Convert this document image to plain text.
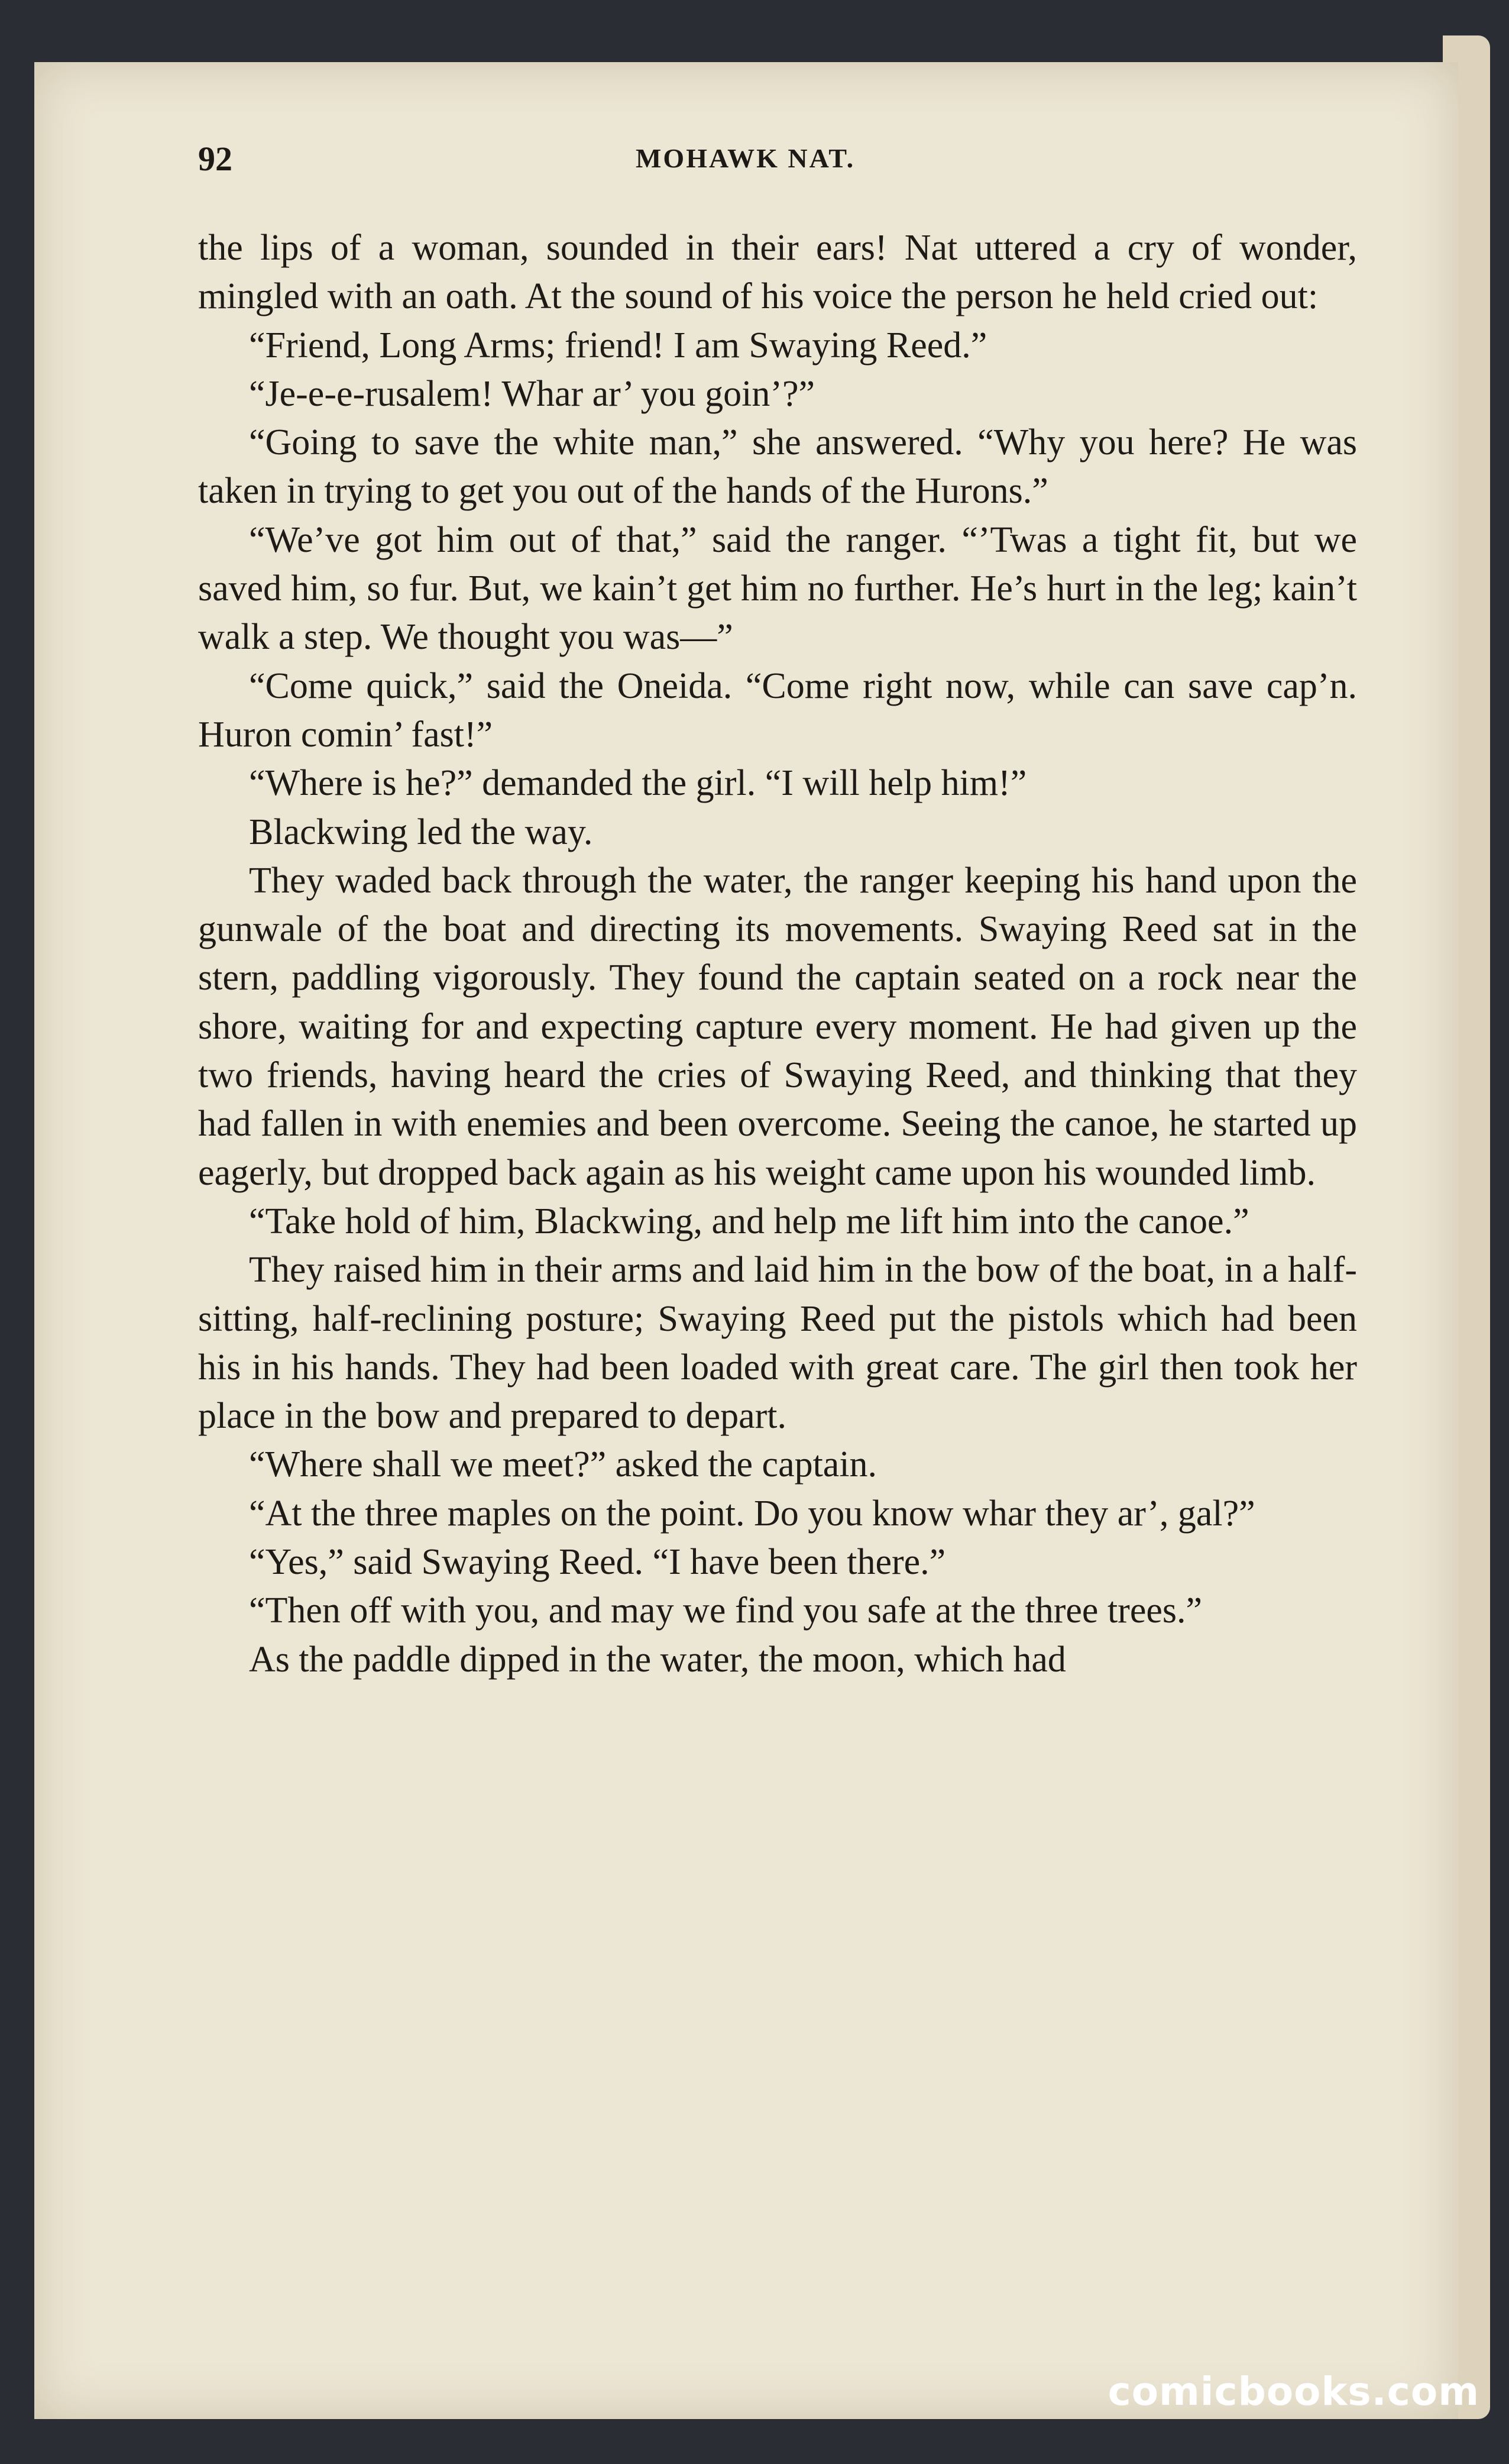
92	MOHAWK NAT.

the lips of a woman, sounded in their ears! Nat uttered a cry of wonder, mingled with an oath. At the sound of his voice the person he held cried out:

“Friend, Long Arms; friend! I am Swaying Reed.”

“Je-e-e-rusalem! Whar ar’ you goin’?”

“Going to save the white man,” she answered. “Why you here? He was taken in trying to get you out of the hands of the Hurons.”

“We’ve got him out of that,” said the ranger. “’Twas a tight fit, but we saved him, so fur. But, we kain’t get him no further. He’s hurt in the leg; kain’t walk a step. We thought you was—”

“Come quick,” said the Oneida. “Come right now, while can save cap’n. Huron comin’ fast!”

“Where is he?” demanded the girl. “I will help him!”

Blackwing led the way.

They waded back through the water, the ranger keeping his hand upon the gunwale of the boat and directing its movements. Swaying Reed sat in the stern, paddling vigorously. They found the captain seated on a rock near the shore, waiting for and expecting capture every moment. He had given up the two friends, having heard the cries of Swaying Reed, and thinking that they had fallen in with enemies and been overcome. Seeing the canoe, he started up eagerly, but dropped back again as his weight came upon his wounded limb.

“Take hold of him, Blackwing, and help me lift him into the canoe.”

They raised him in their arms and laid him in the bow of the boat, in a half-sitting, half-reclining posture; Swaying Reed put the pistols which had been his in his hands. They had been loaded with great care. The girl then took her place in the bow and prepared to depart.

“Where shall we meet?” asked the captain.

“At the three maples on the point. Do you know whar they ar’, gal?”

“Yes,” said Swaying Reed. “I have been there.”

“Then off with you, and may we find you safe at the three trees.”

As the paddle dipped in the water, the moon, which had

comicbooks.com
